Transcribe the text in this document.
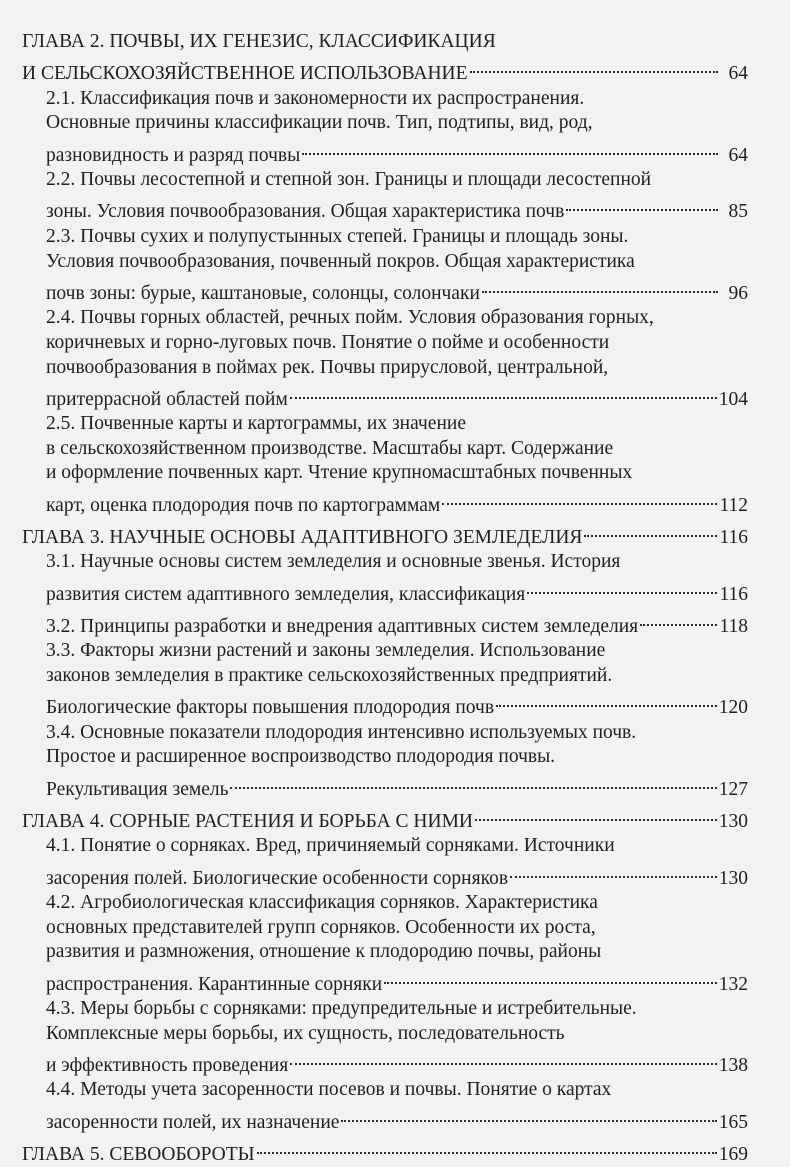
ГЛАВА 2. ПОЧВЫ, ИХ ГЕНЕЗИС, КЛАССИФИКАЦИЯ
И СЕЛЬСКОХОЗЯЙСТВЕННОЕ ИСПОЛЬЗОВАНИЕ	64
2.1. Классификация почв и закономерности их распространения.
Основные причины классификации почв. Тип, подтипы, вид, род,
разновидность и разряд почвы	64
2.2. Почвы лесостепной и степной зон. Границы и площади лесостепной
зоны. Условия почвообразования. Общая характеристика почв	85
2.3. Почвы сухих и полупустынных степей. Границы и площадь зоны.
Условия почвообразования, почвенный покров. Общая характеристика
почв зоны: бурые, каштановые, солонцы, солончаки	96
2.4. Почвы горных областей, речных пойм. Условия образования горных,
коричневых и горно-луговых почв. Понятие о пойме и особенности
почвообразования в поймах рек. Почвы прирусловой, центральной,
притеррасной областей пойм	104
2.5. Почвенные карты и картограммы, их значение
в сельскохозяйственном производстве. Масштабы карт. Содержание
и оформление почвенных карт. Чтение крупномасштабных почвенных
карт, оценка плодородия почв по картограммам	112
ГЛАВА 3. НАУЧНЫЕ ОСНОВЫ АДАПТИВНОГО ЗЕМЛЕДЕЛИЯ	116
3.1. Научные основы систем земледелия и основные звенья. История
развития систем адаптивного земледелия, классификация	116
3.2. Принципы разработки и внедрения адаптивных систем земледелия	118
3.3. Факторы жизни растений и законы земледелия. Использование
законов земледелия в практике сельскохозяйственных предприятий.
Биологические факторы повышения плодородия почв	120
3.4. Основные показатели плодородия интенсивно используемых почв.
Простое и расширенное воспроизводство плодородия почвы.
Рекультивация земель	127
ГЛАВА 4. СОРНЫЕ РАСТЕНИЯ И БОРЬБА С НИМИ	130
4.1. Понятие о сорняках. Вред, причиняемый сорняками. Источники
засорения полей. Биологические особенности сорняков	130
4.2. Агробиологическая классификация сорняков. Характеристика
основных представителей групп сорняков. Особенности их роста,
развития и размножения, отношение к плодородию почвы, районы
распространения. Карантинные сорняки	132
4.3. Меры борьбы с сорняками: предупредительные и истребительные.
Комплексные меры борьбы, их сущность, последовательность
и эффективность проведения	138
4.4. Методы учета засоренности посевов и почвы. Понятие о картах
засоренности полей, их назначение	165
ГЛАВА 5. СЕВООБОРОТЫ	169
